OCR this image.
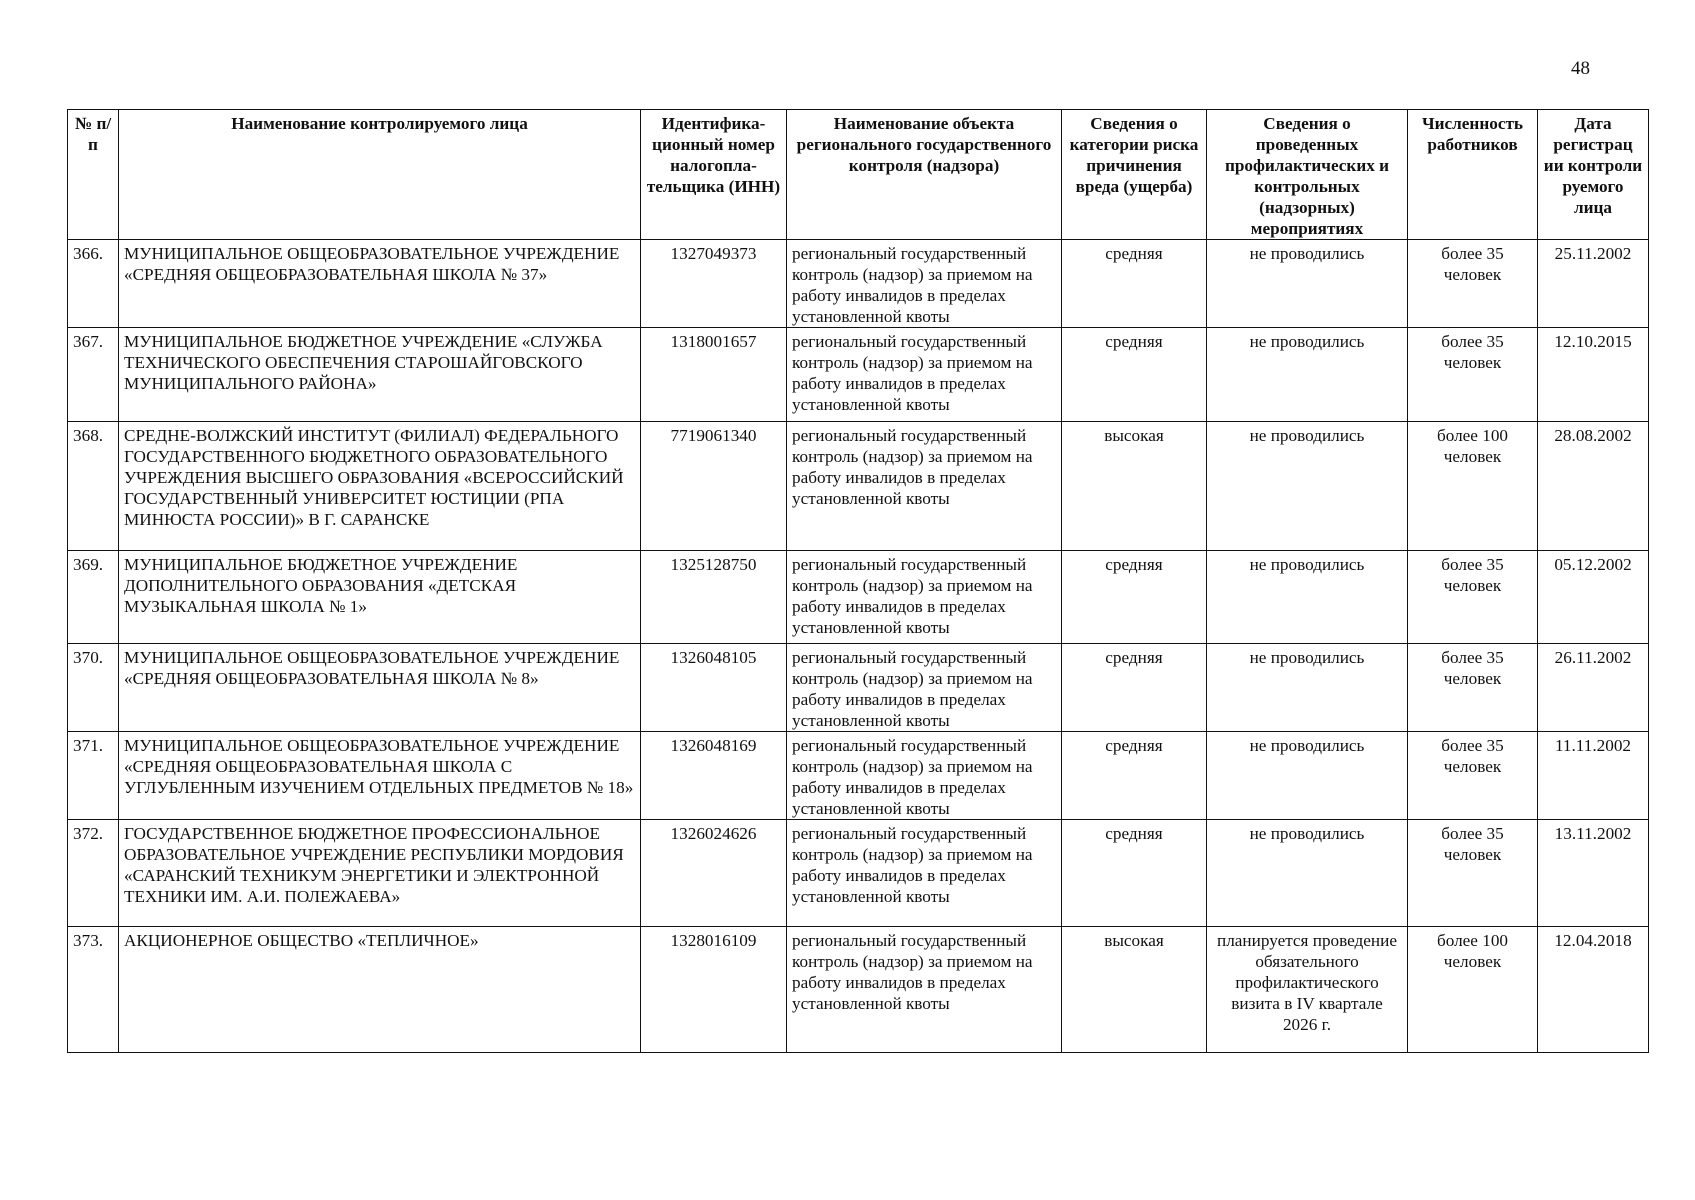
48
№ п/п	Наименование контролируемого лица	Идентифика-ционный номер налогопла-тельщика (ИНН)	Наименование объекта регионального государственного контроля (надзора)	Сведения о категории риска причинения вреда (ущерба)	Сведения о проведенных профилактических и контрольных (надзорных) мероприятиях	Численность работников	Дата регистрац ии контроли руемого лица
366.	МУНИЦИПАЛЬНОЕ ОБЩЕОБРАЗОВАТЕЛЬНОЕ УЧРЕЖДЕНИЕ «СРЕДНЯЯ ОБЩЕОБРАЗОВАТЕЛЬНАЯ ШКОЛА № 37»	1327049373	региональный государственный контроль (надзор) за приемом на работу инвалидов в пределах установленной квоты	средняя	не проводились	более 35 человек	25.11.2002
367.	МУНИЦИПАЛЬНОЕ БЮДЖЕТНОЕ УЧРЕЖДЕНИЕ «СЛУЖБА ТЕХНИЧЕСКОГО ОБЕСПЕЧЕНИЯ СТАРОШАЙГОВСКОГО МУНИЦИПАЛЬНОГО РАЙОНА»	1318001657	региональный государственный контроль (надзор) за приемом на работу инвалидов в пределах установленной квоты	средняя	не проводились	более 35 человек	12.10.2015
368.	СРЕДНЕ-ВОЛЖСКИЙ ИНСТИТУТ (ФИЛИАЛ) ФЕДЕРАЛЬНОГО ГОСУДАРСТВЕННОГО БЮДЖЕТНОГО ОБРАЗОВАТЕЛЬНОГО УЧРЕЖДЕНИЯ ВЫСШЕГО ОБРАЗОВАНИЯ «ВСЕРОССИЙСКИЙ ГОСУДАРСТВЕННЫЙ УНИВЕРСИТЕТ ЮСТИЦИИ (РПА МИНЮСТА РОССИИ)» В Г. САРАНСКЕ	7719061340	региональный государственный контроль (надзор) за приемом на работу инвалидов в пределах установленной квоты	высокая	не проводились	более 100 человек	28.08.2002
369.	МУНИЦИПАЛЬНОЕ БЮДЖЕТНОЕ УЧРЕЖДЕНИЕ ДОПОЛНИТЕЛЬНОГО ОБРАЗОВАНИЯ «ДЕТСКАЯ МУЗЫКАЛЬНАЯ ШКОЛА № 1»	1325128750	региональный государственный контроль (надзор) за приемом на работу инвалидов в пределах установленной квоты	средняя	не проводились	более 35 человек	05.12.2002
370.	МУНИЦИПАЛЬНОЕ ОБЩЕОБРАЗОВАТЕЛЬНОЕ УЧРЕЖДЕНИЕ «СРЕДНЯЯ ОБЩЕОБРАЗОВАТЕЛЬНАЯ ШКОЛА № 8»	1326048105	региональный государственный контроль (надзор) за приемом на работу инвалидов в пределах установленной квоты	средняя	не проводились	более 35 человек	26.11.2002
371.	МУНИЦИПАЛЬНОЕ ОБЩЕОБРАЗОВАТЕЛЬНОЕ УЧРЕЖДЕНИЕ «СРЕДНЯЯ ОБЩЕОБРАЗОВАТЕЛЬНАЯ ШКОЛА С УГЛУБЛЕННЫМ ИЗУЧЕНИЕМ ОТДЕЛЬНЫХ ПРЕДМЕТОВ № 18»	1326048169	региональный государственный контроль (надзор) за приемом на работу инвалидов в пределах установленной квоты	средняя	не проводились	более 35 человек	11.11.2002
372.	ГОСУДАРСТВЕННОЕ БЮДЖЕТНОЕ ПРОФЕССИОНАЛЬНОЕ ОБРАЗОВАТЕЛЬНОЕ УЧРЕЖДЕНИЕ РЕСПУБЛИКИ МОРДОВИЯ «САРАНСКИЙ ТЕХНИКУМ ЭНЕРГЕТИКИ И ЭЛЕКТРОННОЙ ТЕХНИКИ ИМ. А.И. ПОЛЕЖАЕВА»	1326024626	региональный государственный контроль (надзор) за приемом на работу инвалидов в пределах установленной квоты	средняя	не проводились	более 35 человек	13.11.2002
373.	АКЦИОНЕРНОЕ ОБЩЕСТВО «ТЕПЛИЧНОЕ»	1328016109	региональный государственный контроль (надзор) за приемом на работу инвалидов в пределах установленной квоты	высокая	планируется проведение обязательного профилактического визита в IV квартале 2026 г.	более 100 человек	12.04.2018
